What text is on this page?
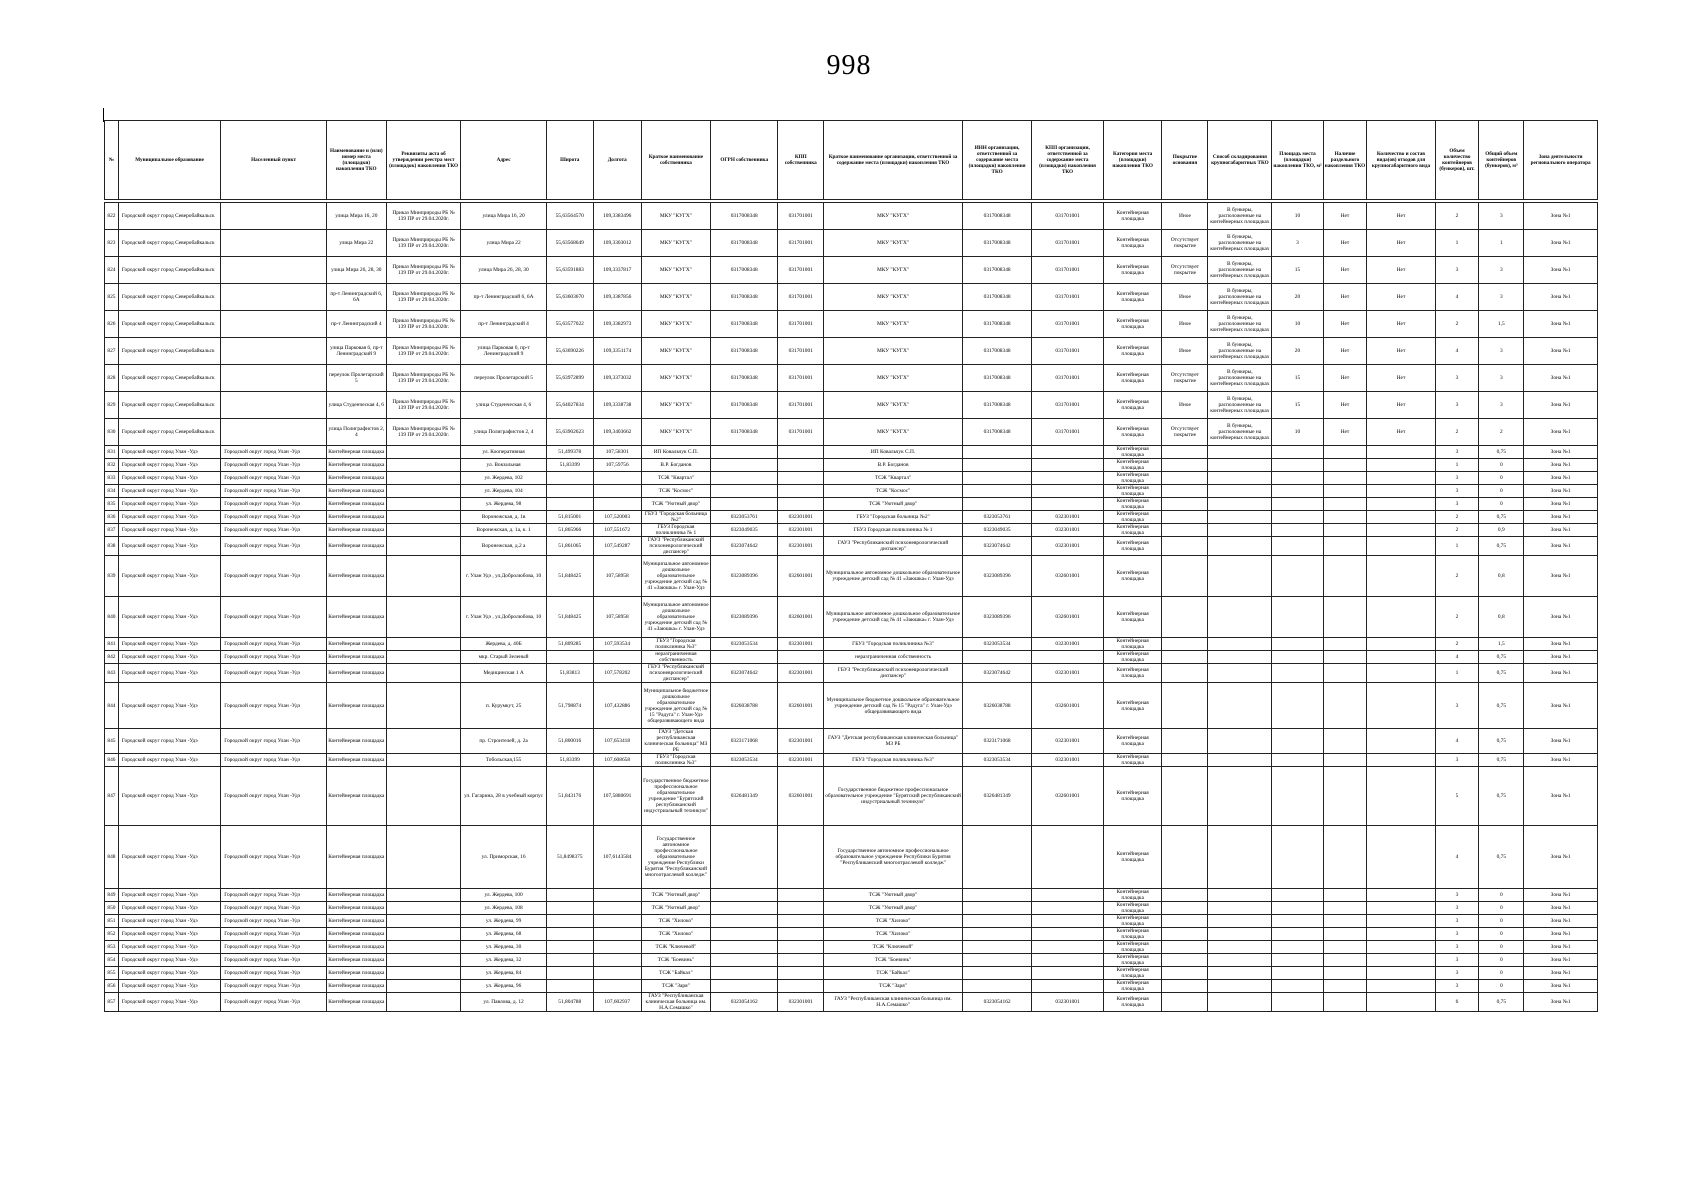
998
№	Муниципальное образование	Населенный пункт	Наименование и (или) номер места (площадки) накопления ТКО	Реквизиты акта об утверждении реестра мест (площадок) накопления ТКО	Адрес	Широта	Долгота	Краткое наименование собственника	ОГРН собственника	КПП собственника	Краткое наименование организации, ответственной за содержание места (площадки) накопления ТКО	ИНН организации, ответственной за содержание места (площадки) накопления ТКО	КПП организации, ответственной за содержание места (площадки) накопления ТКО	Категория места (площадки) накопления ТКО	Покрытие основания	Способ складирования крупногабаритных ТКО	Площадь места (площадки) накопления ТКО, м²	Наличие раздельного накопления ТКО	Количество и состав вида(ов) отходов для крупногабаритного вида	Объем количество контейнеров (бункеров), шт.	Общий объем контейнеров (бункеров), м³	Зона деятельности регионального оператора

822	Городской округ город Северобайкальск		улица Мира 16, 20	Приказ Минприроды РБ № 139 ПР от 29.04.2020г.	улица Мира 16, 20	55,63564570	109,3383496	МКУ "КУГХ"	0317008348	031701001	МКУ "КУГХ"	0317008348	031701001	Контейнерная площадка	Иное	В бункеры, расположенные на контейнерных площадках	10	Нет	Нет	2	3	Зона №1
823	Городской округ город Северобайкальск		улица Мира 22	Приказ Минприроды РБ № 139 ПР от 29.04.2020г.	улица Мира 22	55,63568649	109,3303012	МКУ "КУГХ"	0317008348	031701001	МКУ "КУГХ"	0317008348	031701001	Контейнерная площадка	Отсутствует покрытие	В бункеры, расположенные на контейнерных площадках	3	Нет	Нет	1	1	Зона №1
824	Городской округ город Северобайкальск		улица Мира 26, 28, 30	Приказ Минприроды РБ № 139 ПР от 29.04.2020г.	улица Мира 26, 28, 30	55,63591883	109,3337817	МКУ "КУГХ"	0317008348	031701001	МКУ "КУГХ"	0317008348	031701001	Контейнерная площадка	Отсутствует покрытие	В бункеры, расположенные на контейнерных площадках	15	Нет	Нет	3	3	Зона №1
825	Городской округ город Северобайкальск		пр-т Ленинградский 6, 6А	Приказ Минприроды РБ № 139 ПР от 29.04.2020г.	пр-т Ленинградский 6, 6А	55,63603670	109,3387856	МКУ "КУГХ"	0317008348	031701001	МКУ "КУГХ"	0317008348	031701001	Контейнерная площадка	Иное	В бункеры, расположенные на контейнерных площадках	20	Нет	Нет	4	3	Зона №1
826	Городской округ город Северобайкальск		пр-т Ленинградский 4	Приказ Минприроды РБ № 139 ПР от 29.04.2020г.	пр-т Ленинградский 4	55,63577022	109,3382973	МКУ "КУГХ"	0317008348	031701001	МКУ "КУГХ"	0317008348	031701001	Контейнерная площадка	Иное	В бункеры, расположенные на контейнерных площадках	10	Нет	Нет	2	1,5	Зона №1
827	Городской округ город Северобайкальск		улица Парковая 6, пр-т Ленинградский 9	Приказ Минприроды РБ № 139 ПР от 29.04.2020г.	улица Парковая 6, пр-т Ленинградский 9	55,63690226	109,3351174	МКУ "КУГХ"	0317008348	031701001	МКУ "КУГХ"	0317008348	031701001	Контейнерная площадка	Иное	В бункеры, расположенные на контейнерных площадках	20	Нет	Нет	4	3	Зона №1
828	Городской округ город Северобайкальск		переулок Пролетарский 5	Приказ Минприроды РБ № 139 ПР от 29.04.2020г.	переулок Пролетарский 5	55,63972899	109,3373032	МКУ "КУГХ"	0317008348	031701001	МКУ "КУГХ"	0317008348	031701001	Контейнерная площадка	Отсутствует покрытие	В бункеры, расположенные на контейнерных площадках	15	Нет	Нет	3	3	Зона №1
829	Городской округ город Северобайкальск		улица Студенческая 4, 6	Приказ Минприроды РБ № 139 ПР от 29.04.2020г.	улица Студенческая 4, 6	55,64027834	109,3338738	МКУ "КУГХ"	0317008348	031701001	МКУ "КУГХ"	0317008348	031701001	Контейнерная площадка	Иное	В бункеры, расположенные на контейнерных площадках	15	Нет	Нет	3	3	Зона №1
830	Городской округ город Северобайкальск		улица Полиграфистов 2, 4	Приказ Минприроды РБ № 139 ПР от 29.04.2020г.	улица Полиграфистов 2, 4	55,63902623	109,3403662	МКУ "КУГХ"	0317008348	031701001	МКУ "КУГХ"	0317008348	031701001	Контейнерная площадка	Отсутствует покрытие	В бункеры, расположенные на контейнерных площадках	10	Нет	Нет	2	2	Зона №1
831	Городской округ город Улан -Удэ	Городской округ город Улан -Удэ	Контейнерная площадка		ул. Кооперативная	51,499378	107,58301	ИП Ковальчук С.П.			ИП Ковальчук С.П.			Контейнерная площадка						3	0,75	Зона №1
832	Городской округ город Улан -Удэ	Городской округ город Улан -Удэ	Контейнерная площадка		ул. Вокзальная	51,83399	107,59756	В.Р. Богданов			В.Р. Богданов			Контейнерная площадка						1	0	Зона №1
833	Городской округ город Улан -Удэ	Городской округ город Улан -Удэ	Контейнерная площадка		ул. Жердева, 102			ТСЖ "Квартал"			ТСЖ "Квартал"			Контейнерная площадка						3	0	Зона №1
834	Городской округ город Улан -Удэ	Городской округ город Улан -Удэ	Контейнерная площадка		ул. Жердева, 104			ТСЖ "Космос"			ТСЖ "Космос"			Контейнерная площадка						3	0	Зона №1
835	Городской округ город Улан -Удэ	Городской округ город Улан -Удэ	Контейнерная площадка		ул. Жердева, 98			ТСЖ "Уютный двор"			ТСЖ "Уютный двор"			Контейнерная площадка						3	0	Зона №1
836	Городской округ город Улан -Удэ	Городской округ город Улан -Удэ	Контейнерная площадка		Воронежская, д. 1в	51,815001	107,520003	ГБУЗ "Городская больница №2"	0323053761	032301001	ГБУЗ "Городская больница №2"	0323053761	032301001	Контейнерная площадка						2	0,75	Зона №1
837	Городской округ город Улан -Удэ	Городской округ город Улан -Удэ	Контейнерная площадка		Воронежская, д. 1а, к. 1	51,865966	107,551672	ГБУЗ Городская поликлиника № 1	0323049035	032301001	ГБУЗ Городская поликлиника № 1	0323049035	032301001	Контейнерная площадка						2	0,9	Зона №1
838	Городской округ город Улан -Удэ	Городской округ город Улан -Удэ	Контейнерная площадка		Воронежская, д.2 а	51,861065	107,549287	ГАУЗ "Республиканский психоневрологический диспансер"	0323074642	032301001	ГАУЗ "Республиканский психоневрологический диспансер"	0323074642	032301001	Контейнерная площадка						1	0,75	Зона №1
839	Городской округ город Улан -Удэ	Городской округ город Улан -Удэ	Контейнерная площадка		г. Улан Удэ , ул.Добролюбова, 10	51,848425	107,58958	Муниципальное автономное дошкольное образовательное учреждение детский сад № 41 «Заюшка» г. Улан-Удэ	0323089396	032601001	Муниципальное автономное дошкольное образовательное учреждение детский сад № 41 «Заюшка» г. Улан-Удэ	0323089396	032601001	Контейнерная площадка						2	0,8	Зона №1
840	Городской округ город Улан -Удэ	Городской округ город Улан -Удэ	Контейнерная площадка		г. Улан Удэ , ул.Добролюбова, 10	51,848425	107,58958	Муниципальное автономное дошкольное образовательное учреждение детский сад № 41 «Заюшка» г. Улан-Удэ	0323089396	032601001	Муниципальное автономное дошкольное образовательное учреждение детский сад № 41 «Заюшка» г. Улан-Удэ	0323089396	032601001	Контейнерная площадка						2	0,8	Зона №1
841	Городской округ город Улан -Удэ	Городской округ город Улан -Удэ	Контейнерная площадка		Жердева, д. 40Б	51,809285	107,593534	ГБУЗ "Городская поликлиника №3"	0323053534	032301001	ГБУЗ "Городская поликлиника №3"	0323053534	032301001	Контейнерная площадка						2	1,5	Зона №1
842	Городской округ город Улан -Удэ	Городской округ город Улан -Удэ	Контейнерная площадка		мкр. Старый Зеленый			неразграниченная собственность			неразграниченная собственность			Контейнерная площадка						4	0,75	Зона №1
843	Городской округ город Улан -Удэ	Городской округ город Улан -Удэ	Контейнерная площадка		Медицинская 1 А	51,83813	107,578202	ГБУЗ "Республиканский психоневрологический диспансер"	0323074642	032301001	ГБУЗ "Республиканский психоневрологический диспансер"	0323074642	032301001	Контейнерная площадка						1	0,75	Зона №1
844	Городской округ город Улан -Удэ	Городской округ город Улан -Удэ	Контейнерная площадка		п. Курумкут, 25	51,798874	107,432886	Муниципальное бюджетное дошкольное образовательное учреждение детский сад № 15 "Радуга" г. Улан-Удэ общеразвивающего вида	0326038788	032601001	Муниципальное бюджетное дошкольное образовательное учреждение детский сад № 15 "Радуга" г. Улан-Удэ общеразвивающего вида	0326038788	032601001	Контейнерная площадка						3	0,75	Зона №1
845	Городской округ город Улан -Удэ	Городской округ город Улан -Удэ	Контейнерная площадка		пр. Строителей, д. 2а	51,800016	107,653418	ГАУЗ "Детская республиканская клиническая больница" МЗ РБ	0323171068	032301001	ГАУЗ "Детская республиканская клиническая больница" МЗ РБ	0323171068	032301001	Контейнерная площадка						4	0,75	Зона №1
846	Городской округ город Улан -Удэ	Городской округ город Улан -Удэ	Контейнерная площадка		Тобольская,155	51,83399	107,608658	ГБУЗ "Городская поликлиника №3"	0323053534	032301001	ГБУЗ "Городская поликлиника №3"	0323053534	032301001	Контейнерная площадка						3	0,75	Зона №1
847	Городской округ город Улан -Удэ	Городской округ город Улан -Удэ	Контейнерная площадка		ул. Гагарина, 28 в учебный корпус	51,843176	107,5880691	Государственное бюджетное профессиональное образовательное учреждение "Бурятский республиканский индустриальный техникум"	0326481349	032601001	Государственное бюджетное профессиональное образовательное учреждение "Бурятский республиканский индустриальный техникум"	0326481349	032601001	Контейнерная площадка						5	0,75	Зона №1
848	Городской округ город Улан -Удэ	Городской округ город Улан -Удэ	Контейнерная площадка		ул. Приморская, 16	51,8498375	107,6143584	Государственное автономное профессиональное образовательное учреждение Республики Бурятия "Республиканский многоотраслевой колледж"			Государственное автономное профессиональное образовательное учреждение Республики Бурятия "Республиканский многоотраслевой колледж"			Контейнерная площадка						4	0,75	Зона №1
849	Городской округ город Улан -Удэ	Городской округ город Улан -Удэ	Контейнерная площадка		ул. Жердева, 100			ТСЖ "Уютный двор"			ТСЖ "Уютный двор"			Контейнерная площадка						3	0	Зона №1
850	Городской округ город Улан -Удэ	Городской округ город Улан -Удэ	Контейнерная площадка		ул. Жердева, 108			ТСЖ "Уютный двор"			ТСЖ "Уютный двор"			Контейнерная площадка						3	0	Зона №1
851	Городской округ город Улан -Удэ	Городской округ город Улан -Удэ	Контейнерная площадка		ул. Жердева, 99			ТСЖ "Хилоко"			ТСЖ "Хилоко"			Контейнерная площадка						3	0	Зона №1
852	Городской округ город Улан -Удэ	Городской округ город Улан -Удэ	Контейнерная площадка		ул. Жердева, 68			ТСЖ "Хилоко"			ТСЖ "Хилоко"			Контейнерная площадка						3	0	Зона №1
853	Городской округ город Улан -Удэ	Городской округ город Улан -Удэ	Контейнерная площадка		ул. Жердева, 30			ТСЖ "Ключевой"			ТСЖ "Ключевой"			Контейнерная площадка						3	0	Зона №1
854	Городской округ город Улан -Удэ	Городской округ город Улан -Удэ	Контейнерная площадка		ул. Жердева, 32			ТСЖ "Боевинь"			ТСЖ "Боевинь"			Контейнерная площадка						3	0	Зона №1
855	Городской округ город Улан -Удэ	Городской округ город Улан -Удэ	Контейнерная площадка		ул. Жердева, 84			ТСЖ "Байкал"			ТСЖ "Байкал"			Контейнерная площадка						3	0	Зона №1
856	Городской округ город Улан -Удэ	Городской округ город Улан -Удэ	Контейнерная площадка		ул. Жердева, 96			ТСЖ "Заря"			ТСЖ "Заря"			Контейнерная площадка						3	0	Зона №1
857	Городской округ город Улан -Удэ	Городской округ город Улан -Удэ	Контейнерная площадка		ул. Павлова, д. 12	51,804788	107,602937	ГАУЗ "Республиканская клиническая больница им. Н.А.Семашко"	0323054162	032301001	ГАУЗ "Республиканская клиническая больница им. Н.А.Семашко"	0323054162	032301001	Контейнерная площадка						6	0,75	Зона №1
